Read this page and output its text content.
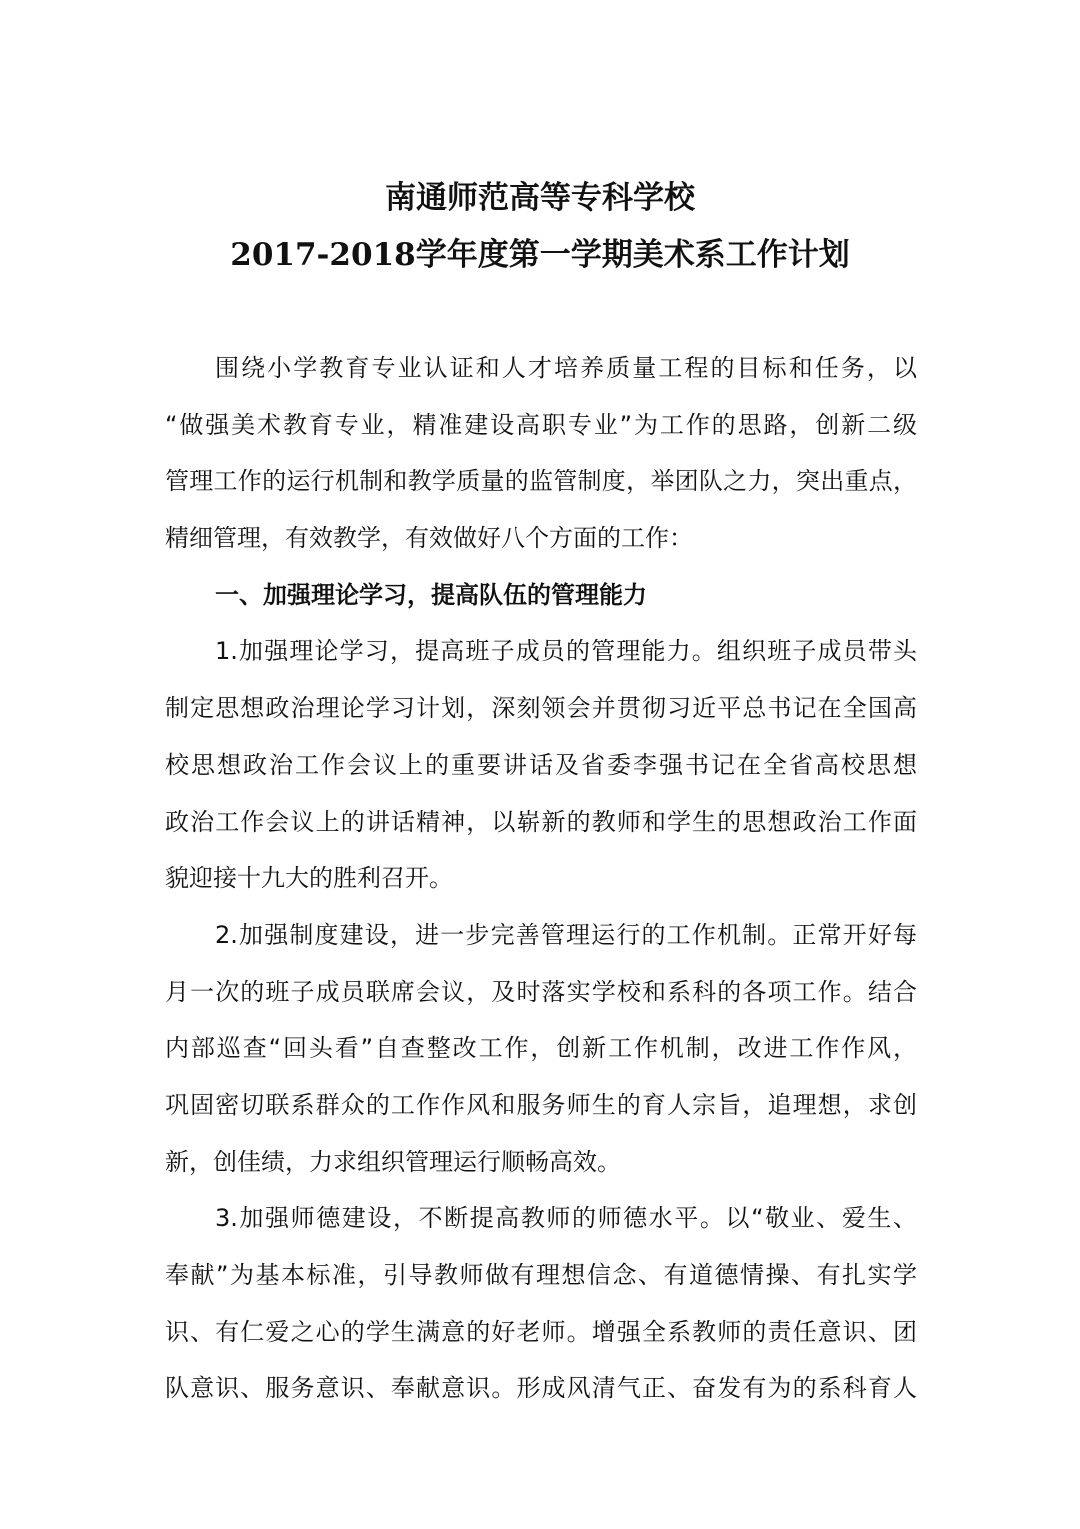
南通师范高等专科学校
2017-2018学年度第一学期美术系工作计划
围绕小学教育专业认证和人才培养质量工程的目标和任务，以
“做强美术教育专业，精准建设高职专业”为工作的思路，创新二级
管理工作的运行机制和教学质量的监管制度，举团队之力，突出重点，
精细管理，有效教学，有效做好八个方面的工作：
一、加强理论学习，提高队伍的管理能力
1.加强理论学习，提高班子成员的管理能力。组织班子成员带头
制定思想政治理论学习计划，深刻领会并贯彻习近平总书记在全国高
校思想政治工作会议上的重要讲话及省委李强书记在全省高校思想
政治工作会议上的讲话精神，以崭新的教师和学生的思想政治工作面
貌迎接十九大的胜利召开。
2.加强制度建设，进一步完善管理运行的工作机制。正常开好每
月一次的班子成员联席会议，及时落实学校和系科的各项工作。结合
内部巡查“回头看”自查整改工作，创新工作机制，改进工作作风，
巩固密切联系群众的工作作风和服务师生的育人宗旨，追理想，求创
新，创佳绩，力求组织管理运行顺畅高效。
3.加强师德建设，不断提高教师的师德水平。以“敬业、爱生、
奉献”为基本标准，引导教师做有理想信念、有道德情操、有扎实学
识、有仁爱之心的学生满意的好老师。增强全系教师的责任意识、团
队意识、服务意识、奉献意识。形成风清气正、奋发有为的系科育人
